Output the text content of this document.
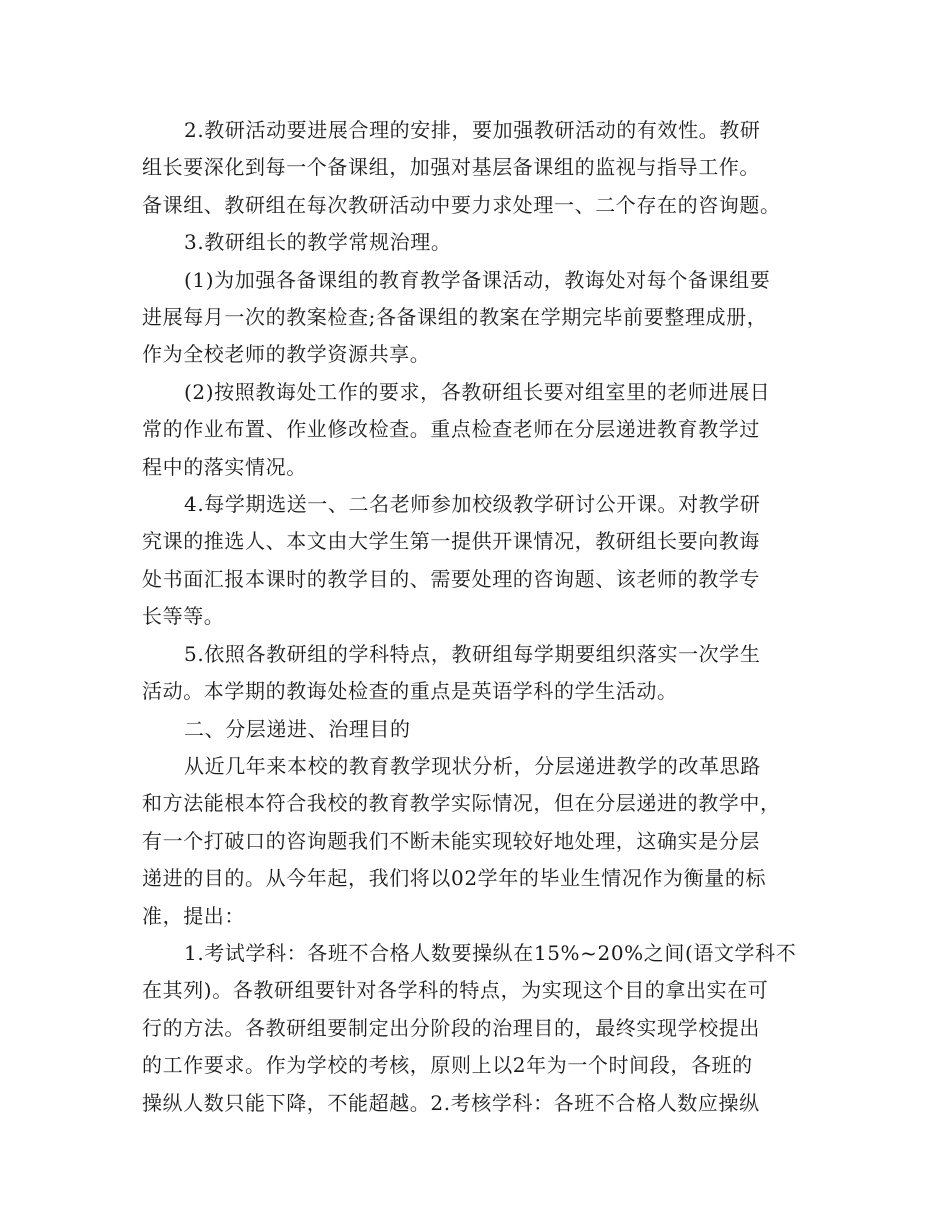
2.教研活动要进展合理的安排，要加强教研活动的有效性。教研
组长要深化到每一个备课组，加强对基层备课组的监视与指导工作。
备课组、教研组在每次教研活动中要力求处理一、二个存在的咨询题。
3.教研组长的教学常规治理。
(1)为加强各备课组的教育教学备课活动，教诲处对每个备课组要
进展每月一次的教案检查;各备课组的教案在学期完毕前要整理成册，
作为全校老师的教学资源共享。
(2)按照教诲处工作的要求，各教研组长要对组室里的老师进展日
常的作业布置、作业修改检查。重点检查老师在分层递进教育教学过
程中的落实情况。
4.每学期选送一、二名老师参加校级教学研讨公开课。对教学研
究课的推选人、本文由大学生第一提供开课情况，教研组长要向教诲
处书面汇报本课时的教学目的、需要处理的咨询题、该老师的教学专
长等等。
5.依照各教研组的学科特点，教研组每学期要组织落实一次学生
活动。本学期的教诲处检查的重点是英语学科的学生活动。
二、分层递进、治理目的
从近几年来本校的教育教学现状分析，分层递进教学的改革思路
和方法能根本符合我校的教育教学实际情况，但在分层递进的教学中，
有一个打破口的咨询题我们不断未能实现较好地处理，这确实是分层
递进的目的。从今年起，我们将以02学年的毕业生情况作为衡量的标
准，提出：
1.考试学科：各班不合格人数要操纵在15%~20%之间(语文学科不
在其列)。各教研组要针对各学科的特点，为实现这个目的拿出实在可
行的方法。各教研组要制定出分阶段的治理目的，最终实现学校提出
的工作要求。作为学校的考核，原则上以2年为一个时间段，各班的
操纵人数只能下降，不能超越。2.考核学科：各班不合格人数应操纵
